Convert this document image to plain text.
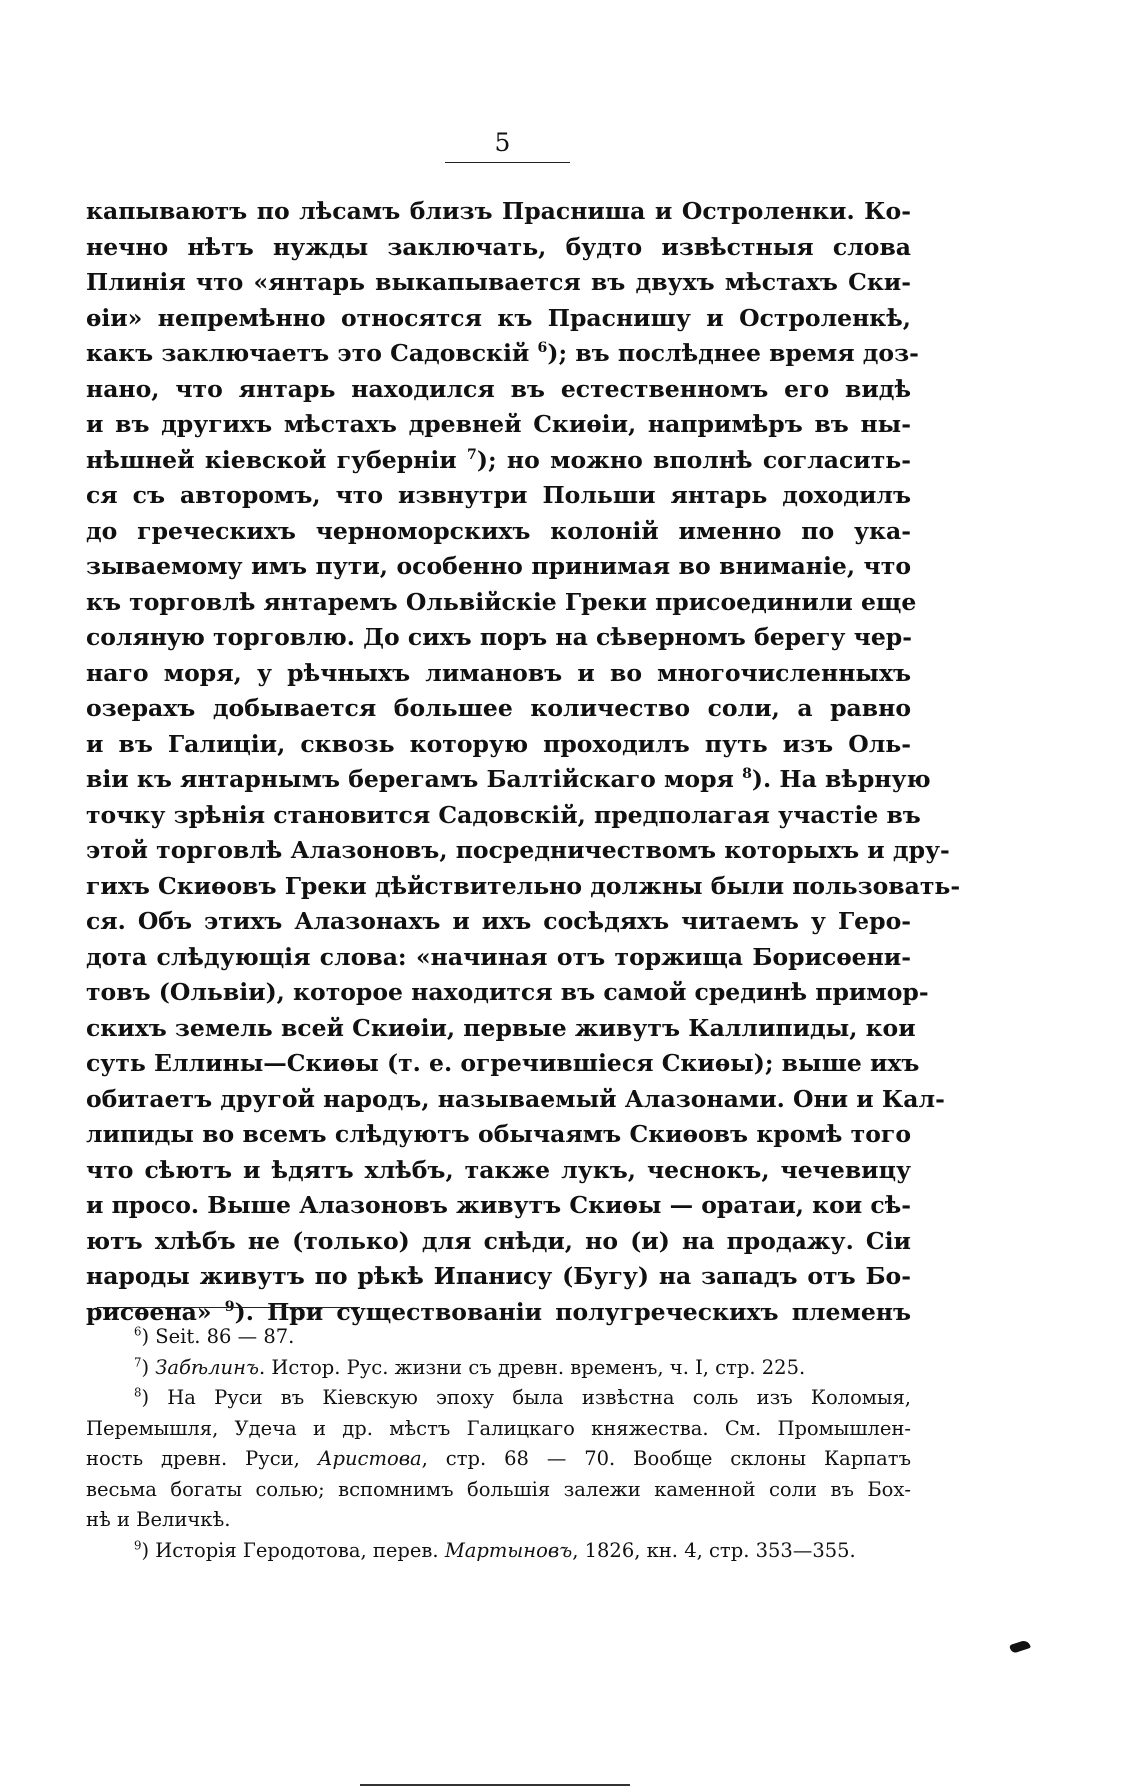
5
капываютъ по лѣсамъ близъ Прасниша и Остроленки. Ко-
нечно нѣтъ нужды заключать, будто извѣстныя слова
Плинія что «янтарь выкапывается въ двухъ мѣстахъ Ски-
ѳіи» непремѣнно относятся къ Праснишу и Остроленкѣ,
какъ заключаетъ это Садовскій $^6$); въ послѣднее время доз-
нано, что янтарь находился въ естественномъ его видѣ
и въ другихъ мѣстахъ древней Скиѳіи, напримѣръ въ ны-
нѣшней кіевской губерніи $^7$); но можно вполнѣ согласить-
ся съ авторомъ, что извнутри Польши янтарь доходилъ
до греческихъ черноморскихъ колоній именно по ука-
зываемому имъ пути, особенно принимая во вниманіе, что
къ торговлѣ янтаремъ Ольвійскіе Греки присоединили еще
солянyю торговлю. До сихъ поръ на сѣверномъ берегу чер-
наго моря, у рѣчныхъ лимановъ и во многочисленныхъ
озерахъ добывается большее количество соли, а равно
и въ Галиціи, сквозь которую проходилъ путь изъ Оль-
віи къ янтарнымъ берегамъ Балтійскаго моря $^8$). На вѣрную
точку зрѣнія становится Садовскій, предполагая участіе въ
этой торговлѣ Алазоновъ, посредничествомъ которыхъ и дру-
гихъ Скиѳовъ Греки дѣйствительно должны были пользовать-
ся. Объ этихъ Алазонахъ и ихъ сосѣдяхъ читаемъ у Геро-
дота слѣдующія слова: «начиная отъ торжища Борисѳени-
товъ (Ольвіи), которое находится въ самой срединѣ примор-
скихъ земель всей Скиѳіи, первые живутъ Каллипиды, кои
суть Еллины—Скиѳы (т. е. огречившіеся Скиѳы); выше ихъ
обитаетъ другой народъ, называемый Алазонами. Они и Кал-
липиды во всемъ слѣдуютъ обычаямъ Скиѳовъ кромѣ того
что сѣютъ и ѣдятъ хлѣбъ, также лукъ, чеснокъ, чечевицу
и просо. Выше Алазоновъ живутъ Скиѳы — оратаи, кои сѣ-
ютъ хлѣбъ не (только) для снѣди, но (и) на продажу. Сіи
народы живутъ по рѣкѣ Ипанису (Бугу) на западъ отъ Бо-
рисѳена» $^9$). При существованіи полугреческихъ племенъ
$^6$) Seit. 86 — 87.
$^7$) Забѣлинъ. Истор. Рус. жизни съ древн. временъ, ч. I, стр. 225.
$^8$) На Руси въ Кіевскую эпоху была извѣстна соль изъ Коломыя,
Перемышля, Удеча и др. мѣстъ Галицкаго княжества. См. Промышлен-
ность древн. Руси, Аристова, стр. 68 — 70. Вообще склоны Карпатъ
весьма богаты солью; вспомнимъ большія залежи каменной соли въ Бох-
нѣ и Величкѣ.
$^9$) Исторія Геродотова, перев. Мартыновъ, 1826, кн. 4, стр. 353—355.
